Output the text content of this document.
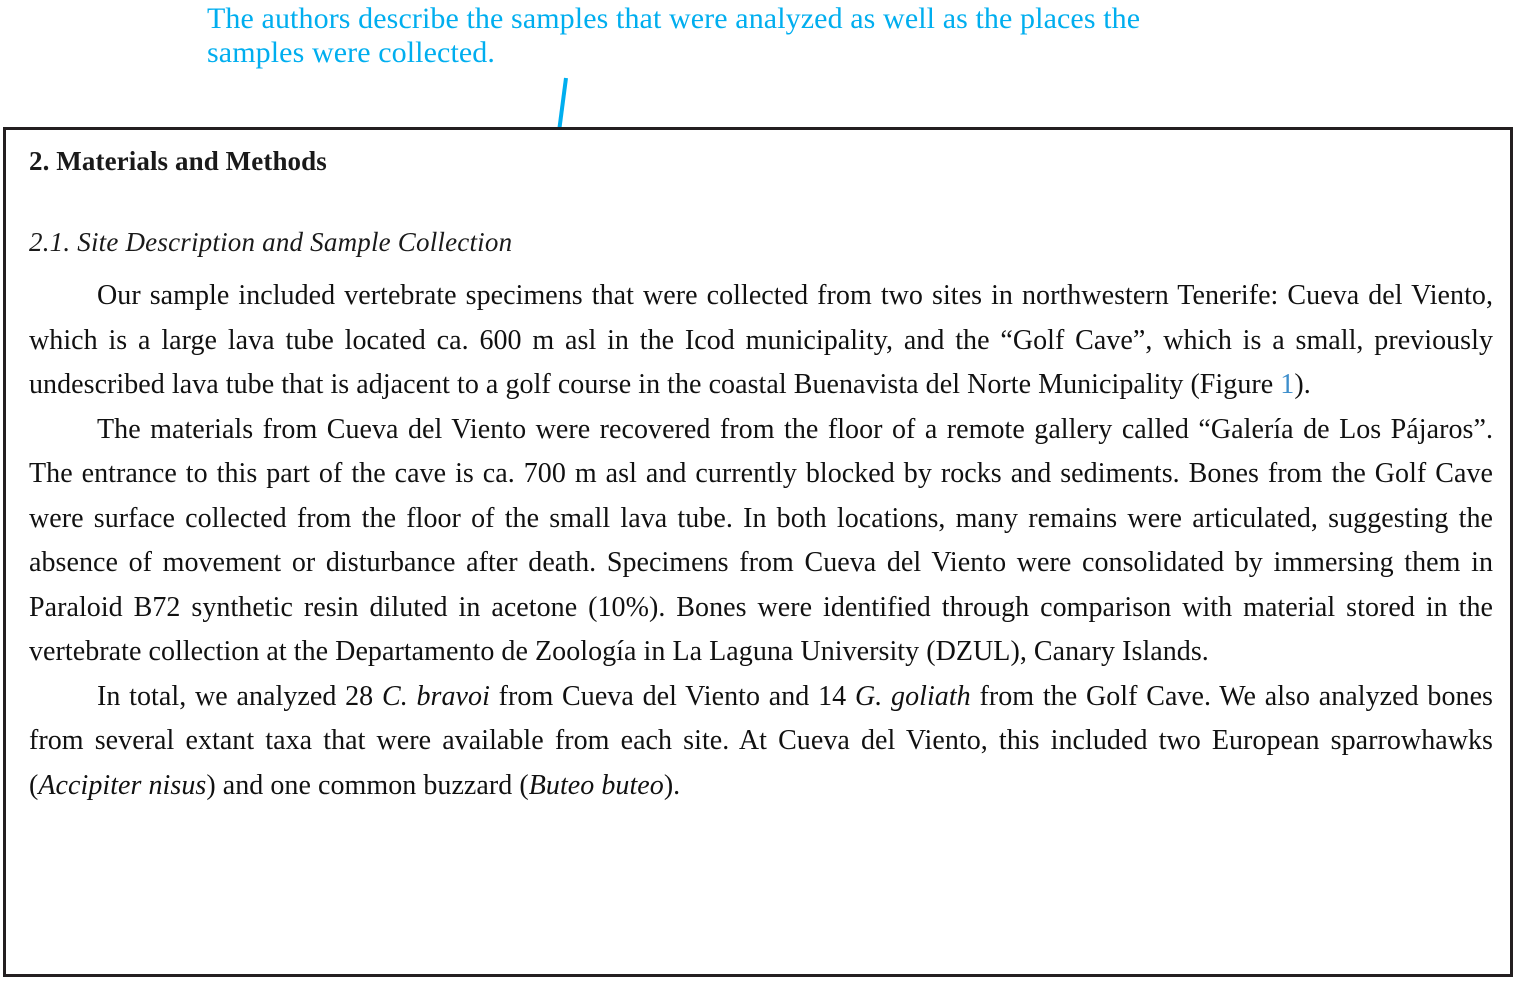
The authors describe the samples that were analyzed as well as the places the samples were collected.
2. Materials and Methods
2.1. Site Description and Sample Collection

Our sample included vertebrate specimens that were collected from two sites in northwestern Tenerife: Cueva del Viento, which is a large lava tube located ca. 600 m asl in the Icod municipality, and the “Golf Cave”, which is a small, previously undescribed lava tube that is adjacent to a golf course in the coastal Buenavista del Norte Municipality (Figure 1).

The materials from Cueva del Viento were recovered from the floor of a remote gallery called “Galería de Los Pájaros”. The entrance to this part of the cave is ca. 700 m asl and currently blocked by rocks and sediments. Bones from the Golf Cave were surface collected from the floor of the small lava tube. In both locations, many remains were articulated, suggesting the absence of movement or disturbance after death. Specimens from Cueva del Viento were consolidated by immersing them in Paraloid B72 synthetic resin diluted in acetone (10%). Bones were identified through comparison with material stored in the vertebrate collection at the Departamento de Zoología in La Laguna University (DZUL), Canary Islands.

In total, we analyzed 28 C. bravoi from Cueva del Viento and 14 G. goliath from the Golf Cave. We also analyzed bones from several extant taxa that were available from each site. At Cueva del Viento, this included two European sparrowhawks (Accipiter nisus) and one common buzzard (Buteo buteo).
